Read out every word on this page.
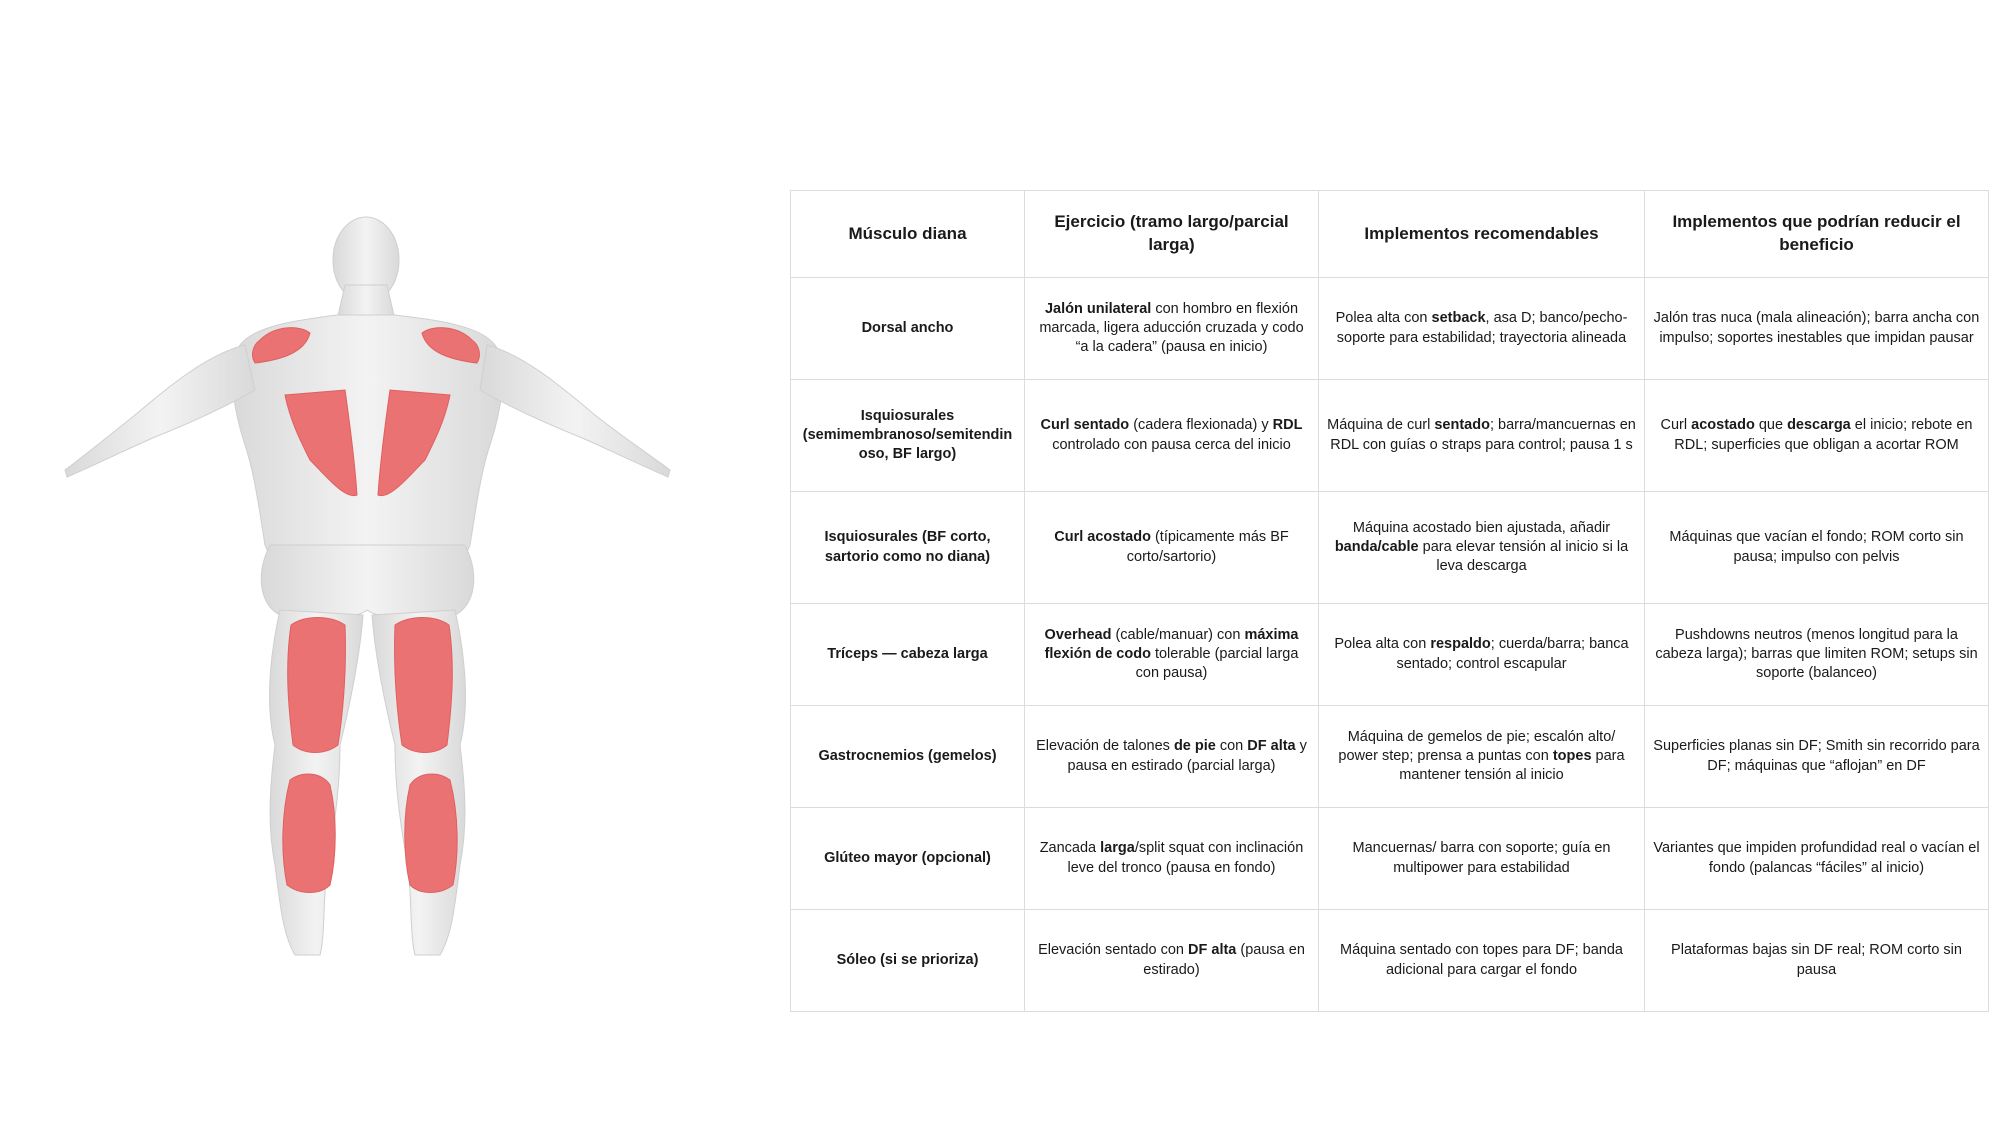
Músculo diana	Ejercicio (tramo largo/parcial larga)	Implementos recomendables	Implementos que podrían reducir el beneficio
Dorsal ancho	Jalón unilateral con hombro en flexión marcada, ligera aducción cruzada y codo “a la cadera” (pausa en inicio)	Polea alta con setback, asa D; banco/pecho-soporte para estabilidad; trayectoria alineada	Jalón tras nuca (mala alineación); barra ancha con impulso; soportes inestables que impidan pausar
Isquiosurales (semimembranoso/semitendinoso, BF largo)	Curl sentado (cadera flexionada) y RDL controlado con pausa cerca del inicio	Máquina de curl sentado; barra/mancuernas en RDL con guías o straps para control; pausa 1 s	Curl acostado que descarga el inicio; rebote en RDL; superficies que obligan a acortar ROM
Isquiosurales (BF corto, sartorio como no diana)	Curl acostado (típicamente más BF corto/sartorio)	Máquina acostado bien ajustada, añadir banda/cable para elevar tensión al inicio si la leva descarga	Máquinas que vacían el fondo; ROM corto sin pausa; impulso con pelvis
Tríceps — cabeza larga	Overhead (cable/manuar) con máxima flexión de codo tolerable (parcial larga con pausa)	Polea alta con respaldo; cuerda/barra; banca sentado; control escapular	Pushdowns neutros (menos longitud para la cabeza larga); barras que limiten ROM; setups sin soporte (balanceo)
Gastrocnemios (gemelos)	Elevación de talones de pie con DF alta y pausa en estirado (parcial larga)	Máquina de gemelos de pie; escalón alto/ power step; prensa a puntas con topes para mantener tensión al inicio	Superficies planas sin DF; Smith sin recorrido para DF; máquinas que “aflojan” en DF
Glúteo mayor (opcional)	Zancada larga/split squat con inclinación leve del tronco (pausa en fondo)	Mancuernas/ barra con soporte; guía en multipower para estabilidad	Variantes que impiden profundidad real o vacían el fondo (palancas “fáciles” al inicio)
Sóleo (si se prioriza)	Elevación sentado con DF alta (pausa en estirado)	Máquina sentado con topes para DF; banda adicional para cargar el fondo	Plataformas bajas sin DF real; ROM corto sin pausa
